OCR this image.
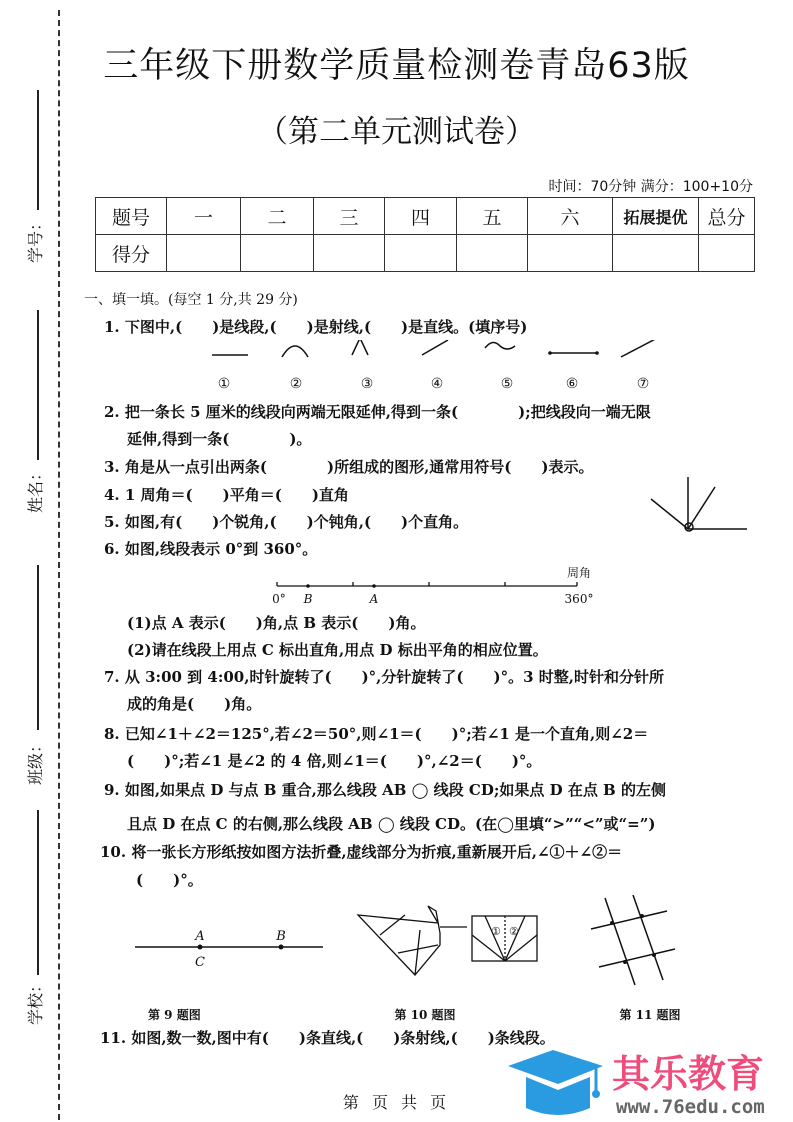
学号：
姓名：
班级：
学校：
三年级下册数学质量检测卷青岛63版
（第二单元测试卷）
时间：70分钟 满分：100+10分
题号	一	二	三	四	五	六	拓展提优	总分
得分								
一、填一填。(每空 1 分,共 29 分)
1. 下图中,(　　)是线段,(　　)是射线,(　　)是直线。(填序号)
①	②	③	④	⑤	⑥	⑦
2. 把一条长 5 厘米的线段向两端无限延伸,得到一条(　　　　);把线段向一端无限
延伸,得到一条(　　　　)。
3. 角是从一点引出两条(　　　　)所组成的图形,通常用符号(　　)表示。
4. 1 周角＝(　　)平角＝(　　)直角
5. 如图,有(　　)个锐角,(　　)个钝角,(　　)个直角。
6. 如图,线段表示 0°到 360°。
0° B	A	360°
周角
(1)点 A 表示(　　)角,点 B 表示(　　)角。
(2)请在线段上用点 C 标出直角,用点 D 标出平角的相应位置。
7. 从 3:00 到 4:00,时针旋转了(　　)°,分针旋转了(　　)°。3 时整,时针和分针所
成的角是(　　)角。
8. 已知∠1＋∠2＝125°,若∠2＝50°,则∠1＝(　　)°;若∠1 是一个直角,则∠2＝
(　　)°;若∠1 是∠2 的 4 倍,则∠1＝(　　)°,∠2＝(　　)°。
9. 如图,如果点 D 与点 B 重合,那么线段 AB ◯ 线段 CD;如果点 D 在点 B 的左侧
且点 D 在点 C 的右侧,那么线段 AB ◯ 线段 CD。(在◯里填“>”“<”或“=”)
10. 将一张长方形纸按如图方法折叠,虚线部分为折痕,重新展开后,∠①＋∠②＝
(　　)°。
A	B
C
① ②
第 9 题图	第 10 题图	第 11 题图
11. 如图,数一数,图中有(　　)条直线,(　　)条射线,(　　)条线段。
第 页 共 页
其乐教育
www.76edu.com
